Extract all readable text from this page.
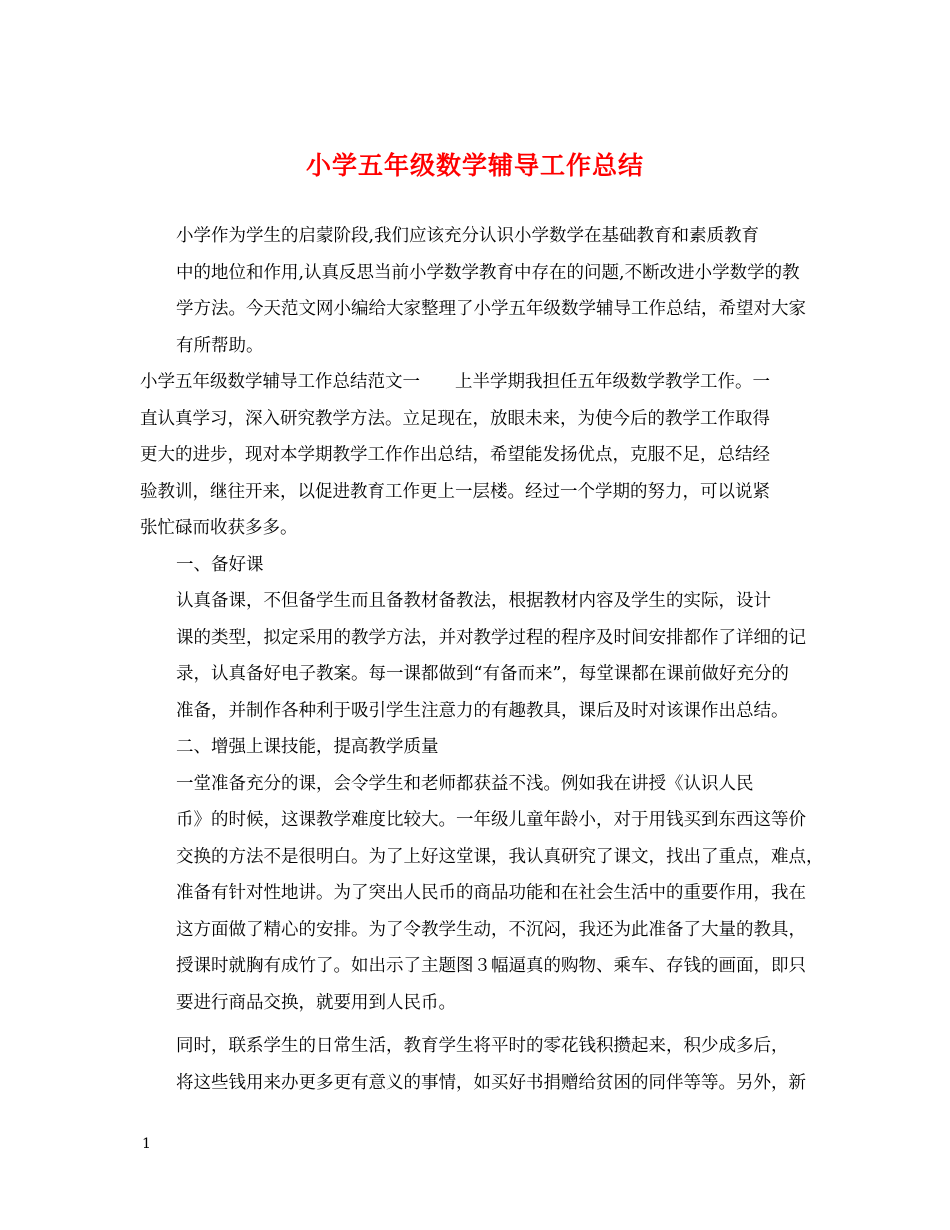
小学五年级数学辅导工作总结

小学作为学生的启蒙阶段,我们应该充分认识小学数学在基础教育和素质教育
中的地位和作用,认真反思当前小学数学教育中存在的问题,不断改进小学数学的教
学方法。今天范文网小编给大家整理了小学五年级数学辅导工作总结，希望对大家
有所帮助。

小学五年级数学辅导工作总结范文一　　上半学期我担任五年级数学教学工作。一
直认真学习，深入研究教学方法。立足现在，放眼未来，为使今后的教学工作取得
更大的进步，现对本学期教学工作作出总结，希望能发扬优点，克服不足，总结经
验教训，继往开来，以促进教育工作更上一层楼。经过一个学期的努力，可以说紧
张忙碌而收获多多。

一、备好课

认真备课，不但备学生而且备教材备教法，根据教材内容及学生的实际，设计
课的类型，拟定采用的教学方法，并对教学过程的程序及时间安排都作了详细的记
录，认真备好电子教案。每一课都做到“有备而来”，每堂课都在课前做好充分的
准备，并制作各种利于吸引学生注意力的有趣教具，课后及时对该课作出总结。

二、增强上课技能，提高教学质量

一堂准备充分的课，会令学生和老师都获益不浅。例如我在讲授《认识人民
币》的时候，这课教学难度比较大。一年级儿童年龄小，对于用钱买到东西这等价
交换的方法不是很明白。为了上好这堂课，我认真研究了课文，找出了重点，难点，
准备有针对性地讲。为了突出人民币的商品功能和在社会生活中的重要作用，我在
这方面做了精心的安排。为了令教学生动，不沉闷，我还为此准备了大量的教具，
授课时就胸有成竹了。如出示了主题图３幅逼真的购物、乘车、存钱的画面，即只
要进行商品交换，就要用到人民币。

同时，联系学生的日常生活，教育学生将平时的零花钱积攒起来，积少成多后，
将这些钱用来办更多更有意义的事情，如买好书捐赠给贫困的同伴等等。另外，新

1
